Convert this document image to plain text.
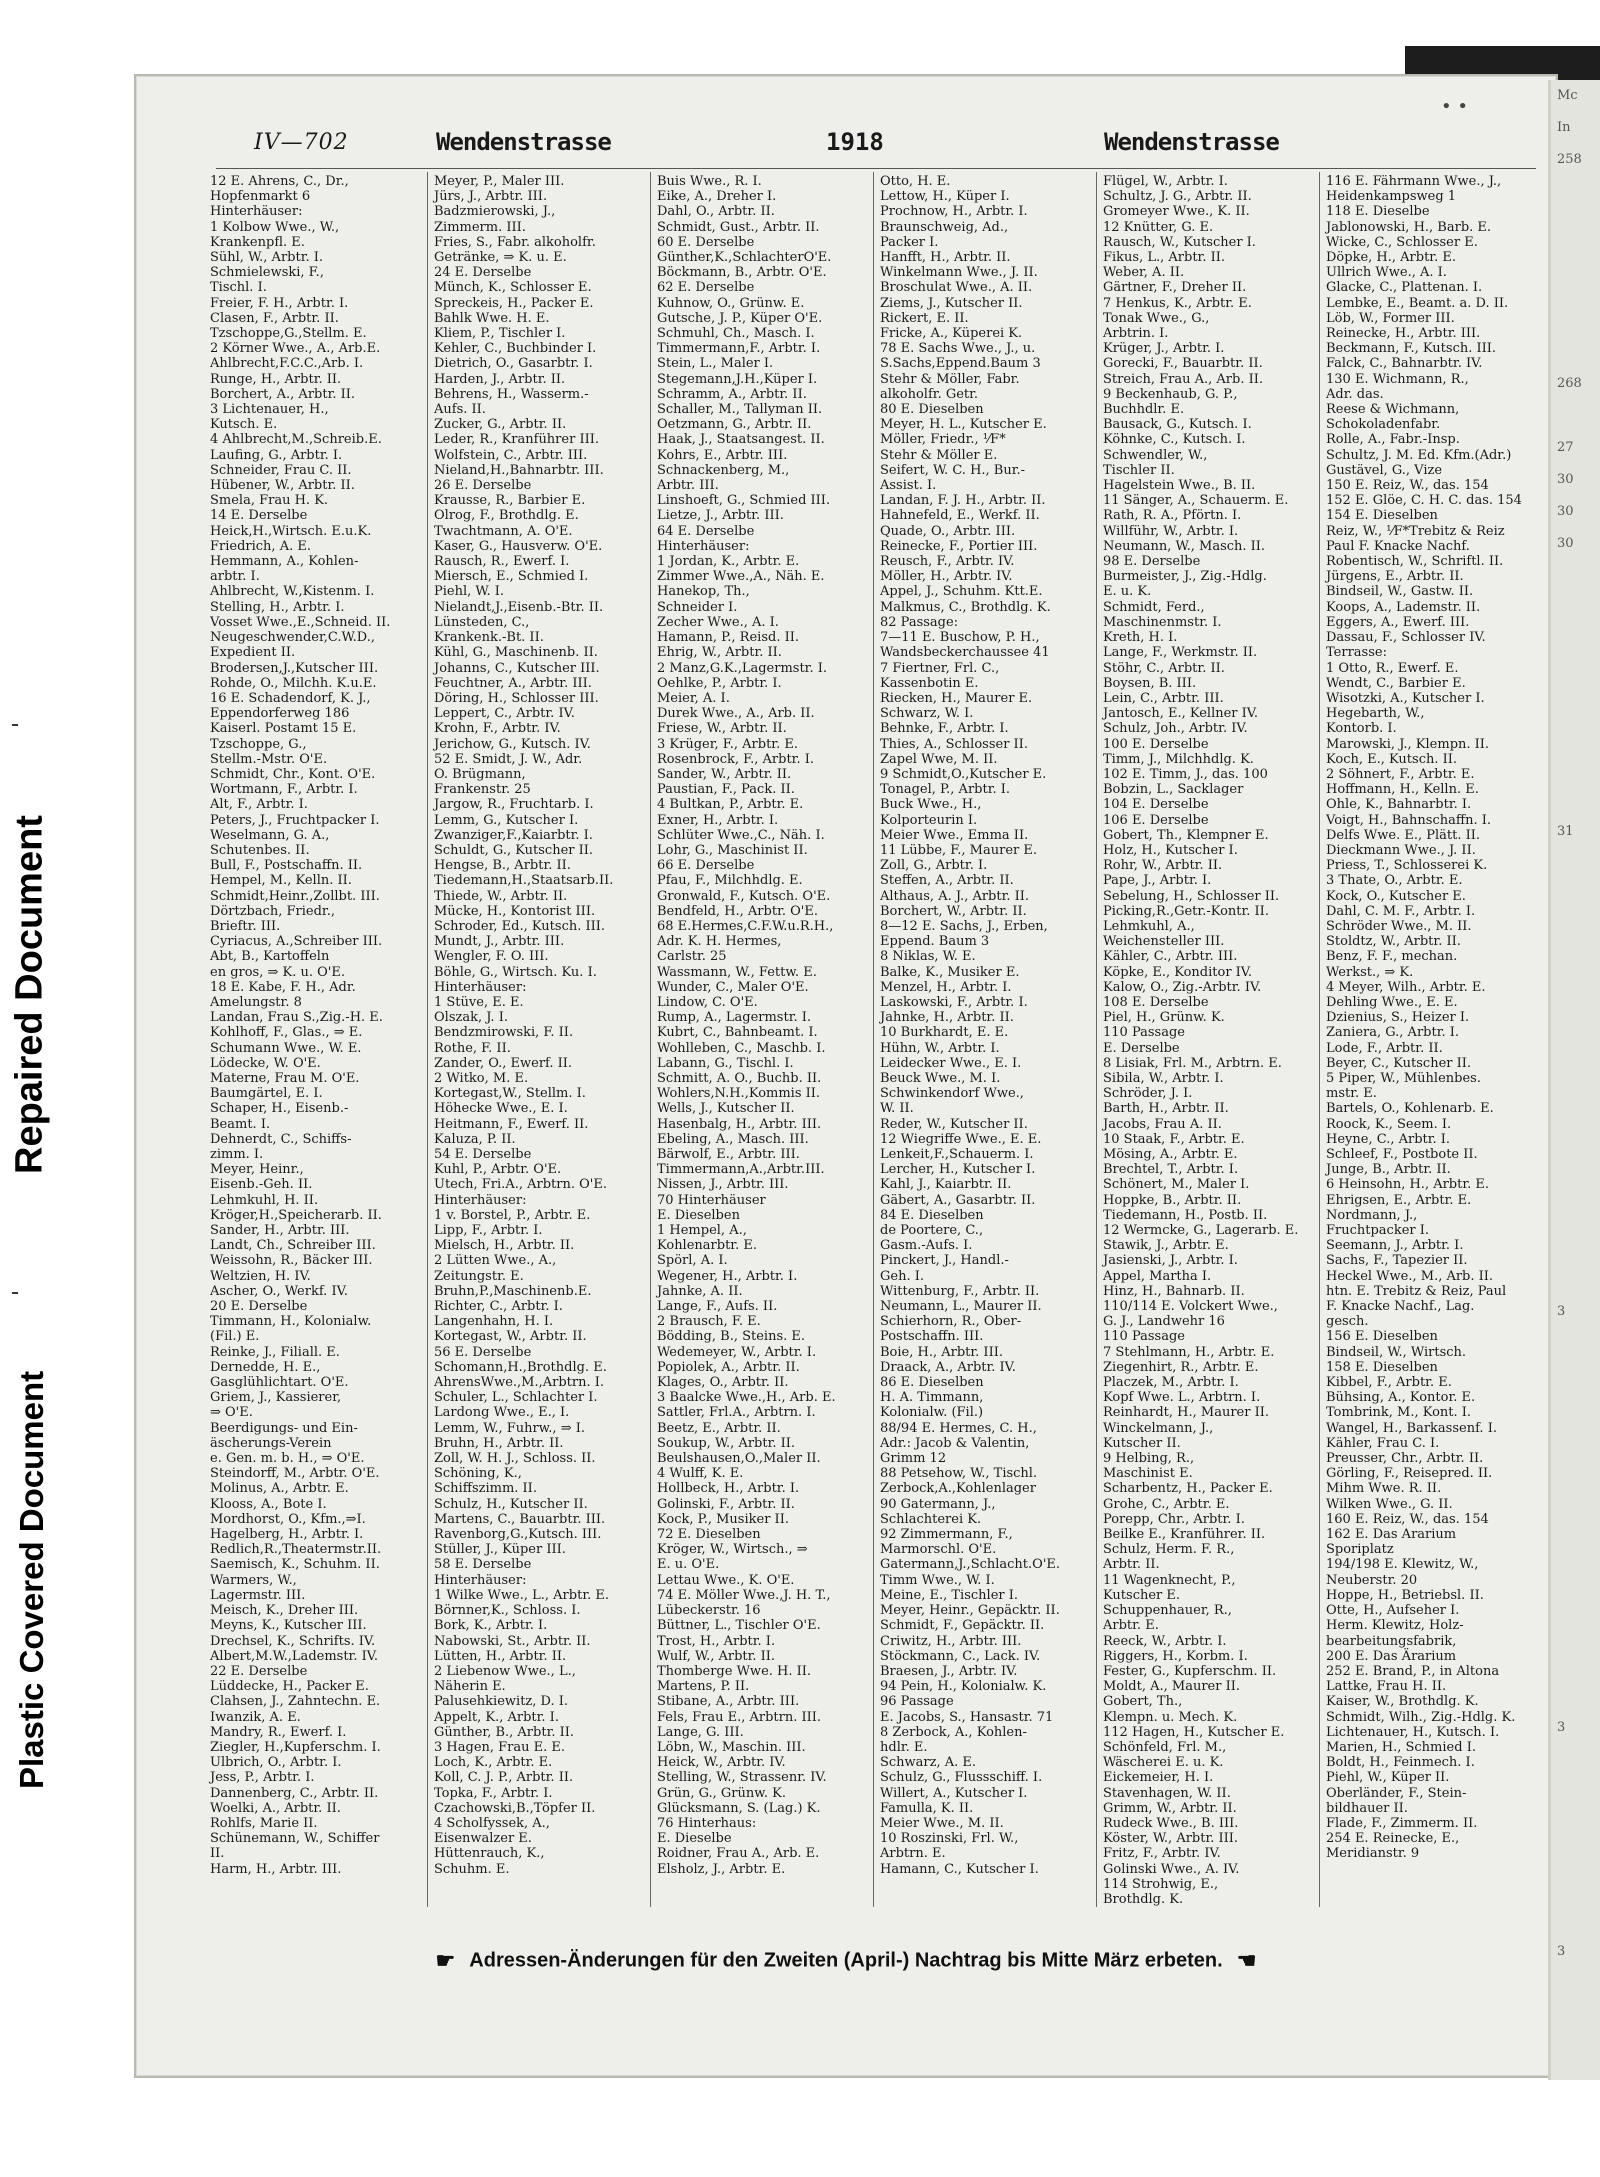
Repaired Document
Plastic Covered Document
• •
IV—702	Wendenstrasse	1918	Wendenstrasse
12 E. Ahrens, C., Dr.,
Hopfenmarkt 6
Hinterhäuser:
1 Kolbow Wwe., W.,
Krankenpfl. E.
Sühl, W., Arbtr. I.
Schmielewski, F.,
Tischl. I.
Freier, F. H., Arbtr. I.
Clasen, F., Arbtr. II.
Tzschoppe,G.,Stellm. E.
2 Körner Wwe., A., Arb.E.
Ahlbrecht,F.C.C.,Arb. I.
Runge, H., Arbtr. II.
Borchert, A., Arbtr. II.
3 Lichtenauer, H.,
Kutsch. E.
4 Ahlbrecht,M.,Schreib.E.
Laufing, G., Arbtr. I.
Schneider, Frau C. II.
Hübener, W., Arbtr. II.
Smela, Frau H. K.
14 E. Derselbe
Heick,H.,Wirtsch. E.u.K.
Friedrich, A. E.
Hemmann, A., Kohlen-
arbtr. I.
Ahlbrecht, W.,Kistenm. I.
Stelling, H., Arbtr. I.
Vosset Wwe.,E.,Schneid. II.
Neugeschwender,C.W.D.,
Expedient II.
Brodersen,J.,Kutscher III.
Rohde, O., Milchh. K.u.E.
16 E. Schadendorf, K. J.,
Eppendorferweg 186
Kaiserl. Postamt 15 E.
Tzschoppe, G.,
Stellm.-Mstr. O'E.
Schmidt, Chr., Kont. O'E.
Wortmann, F., Arbtr. I.
Alt, F., Arbtr. I.
Peters, J., Fruchtpacker I.
Weselmann, G. A.,
Schutenbes. II.
Bull, F., Postschaffn. II.
Hempel, M., Kelln. II.
Schmidt,Heinr.,Zollbt. III.
Dörtzbach, Friedr.,
Brieftr. III.
Cyriacus, A.,Schreiber III.
Abt, B., Kartoffeln
en gros, ⇒ K. u. O'E.
18 E. Kabe, F. H., Adr.
Amelungstr. 8
Landan, Frau S.,Zig.-H. E.
Kohlhoff, F., Glas., ⇒ E.
Schumann Wwe., W. E.
Lödecke, W. O'E.
Materne, Frau M. O'E.
Baumgärtel, E. I.
Schaper, H., Eisenb.-
Beamt. I.
Dehnerdt, C., Schiffs-
zimm. I.
Meyer, Heinr.,
Eisenb.-Geh. II.
Lehmkuhl, H. II.
Kröger,H.,Speicherarb. II.
Sander, H., Arbtr. III.
Landt, Ch., Schreiber III.
Weissohn, R., Bäcker III.
Weltzien, H. IV.
Ascher, O., Werkf. IV.
20 E. Derselbe
Timmann, H., Kolonialw.
(Fil.) E.
Reinke, J., Filiall. E.
Dernedde, H. E.,
Gasglühlichtart. O'E.
Griem, J., Kassierer,
⇒ O'E.
Beerdigungs- und Ein-
äscherungs-Verein
e. Gen. m. b. H., ⇒ O'E.
Steindorff, M., Arbtr. O'E.
Molinus, A., Arbtr. E.
Klooss, A., Bote I.
Mordhorst, O., Kfm.,⇒I.
Hagelberg, H., Arbtr. I.
Redlich,R.,Theatermstr.II.
Saemisch, K., Schuhm. II.
Warmers, W.,
Lagermstr. III.
Meisch, K., Dreher III.
Meyns, K., Kutscher III.
Drechsel, K., Schrifts. IV.
Albert,M.W.,Lademstr. IV.
22 E. Derselbe
Lüddecke, H., Packer E.
Clahsen, J., Zahntechn. E.
Iwanzik, A. E.
Mandry, R., Ewerf. I.
Ziegler, H.,Kupferschm. I.
Ulbrich, O., Arbtr. I.
Jess, P., Arbtr. I.
Dannenberg, C., Arbtr. II.
Woelki, A., Arbtr. II.
Rohlfs, Marie II.
Schünemann, W., Schiffer
II.
Harm, H., Arbtr. III.
Meyer, P., Maler III.
Jürs, J., Arbtr. III.
Badzmierowski, J.,
Zimmerm. III.
Fries, S., Fabr. alkoholfr.
Getränke, ⇒ K. u. E.
24 E. Derselbe
Münch, K., Schlosser E.
Spreckeis, H., Packer E.
Bahlk Wwe. H. E.
Kliem, P., Tischler I.
Kehler, C., Buchbinder I.
Dietrich, O., Gasarbtr. I.
Harden, J., Arbtr. II.
Behrens, H., Wasserm.-
Aufs. II.
Zucker, G., Arbtr. II.
Leder, R., Kranführer III.
Wolfstein, C., Arbtr. III.
Nieland,H.,Bahnarbtr. III.
26 E. Derselbe
Krausse, R., Barbier E.
Olrog, F., Brothdlg. E.
Twachtmann, A. O'E.
Kaser, G., Hausverw. O'E.
Rausch, R., Ewerf. I.
Miersch, E., Schmied I.
Piehl, W. I.
Nielandt,J.,Eisenb.-Btr. II.
Lünsteden, C.,
Krankenk.-Bt. II.
Kühl, G., Maschinenb. II.
Johanns, C., Kutscher III.
Feuchtner, A., Arbtr. III.
Döring, H., Schlosser III.
Leppert, C., Arbtr. IV.
Krohn, F., Arbtr. IV.
Jerichow, G., Kutsch. IV.
52 E. Smidt, J. W., Adr.
O. Brügmann,
Frankenstr. 25
Jargow, R., Fruchtarb. I.
Lemm, G., Kutscher I.
Zwanziger,F.,Kaiarbtr. I.
Schuldt, G., Kutscher II.
Hengse, B., Arbtr. II.
Tiedemann,H.,Staatsarb.II.
Thiede, W., Arbtr. II.
Mücke, H., Kontorist III.
Schroder, Ed., Kutsch. III.
Mundt, J., Arbtr. III.
Wengler, F. O. III.
Böhle, G., Wirtsch. Ku. I.
Hinterhäuser:
1 Stüve, E. E.
Olszak, J. I.
Bendzmirowski, F. II.
Rothe, F. II.
Zander, O., Ewerf. II.
2 Witko, M. E.
Kortegast,W., Stellm. I.
Höhecke Wwe., E. I.
Heitmann, F., Ewerf. II.
Kaluza, P. II.
54 E. Derselbe
Kuhl, P., Arbtr. O'E.
Utech, Fri.A., Arbtrn. O'E.
Hinterhäuser:
1 v. Borstel, P., Arbtr. E.
Lipp, F., Arbtr. I.
Mielsch, H., Arbtr. II.
2 Lütten Wwe., A.,
Zeitungstr. E.
Bruhn,P.,Maschinenb.E.
Richter, C., Arbtr. I.
Langenhahn, H. I.
Kortegast, W., Arbtr. II.
56 E. Derselbe
Schomann,H.,Brothdlg. E.
AhrensWwe.,M.,Arbtrn. I.
Schuler, L., Schlachter I.
Lardong Wwe., E., I.
Lemm, W., Fuhrw., ⇒ I.
Bruhn, H., Arbtr. II.
Zoll, W. H. J., Schloss. II.
Schöning, K.,
Schiffszimm. II.
Schulz, H., Kutscher II.
Martens, C., Bauarbtr. III.
Ravenborg,G.,Kutsch. III.
Stüller, J., Küper III.
58 E. Derselbe
Hinterhäuser:
1 Wilke Wwe., L., Arbtr. E.
Börnner,K., Schloss. I.
Bork, K., Arbtr. I.
Nabowski, St., Arbtr. II.
Lütten, H., Arbtr. II.
2 Liebenow Wwe., L.,
Näherin E.
Palusehkiewitz, D. I.
Appelt, K., Arbtr. I.
Günther, B., Arbtr. II.
3 Hagen, Frau E. E.
Loch, K., Arbtr. E.
Koll, C. J. P., Arbtr. II.
Topka, F., Arbtr. I.
Czachowski,B.,Töpfer II.
4 Scholfyssek, A.,
Eisenwalzer E.
Hüttenrauch, K.,
Schuhm. E.
Buis Wwe., R. I.
Eike, A., Dreher I.
Dahl, O., Arbtr. II.
Schmidt, Gust., Arbtr. II.
60 E. Derselbe
Günther,K.,SchlachterO'E.
Böckmann, B., Arbtr. O'E.
62 E. Derselbe
Kuhnow, O., Grünw. E.
Gutsche, J. P., Küper O'E.
Schmuhl, Ch., Masch. I.
Timmermann,F., Arbtr. I.
Stein, L., Maler I.
Stegemann,J.H.,Küper I.
Schramm, A., Arbtr. II.
Schaller, M., Tallyman II.
Oetzmann, G., Arbtr. II.
Haak, J., Staatsangest. II.
Kohrs, E., Arbtr. III.
Schnackenberg, M.,
Arbtr. III.
Linshoeft, G., Schmied III.
Lietze, J., Arbtr. III.
64 E. Derselbe
Hinterhäuser:
1 Jordan, K., Arbtr. E.
Zimmer Wwe.,A., Näh. E.
Hanekop, Th.,
Schneider I.
Zecher Wwe., A. I.
Hamann, P., Reisd. II.
Ehrig, W., Arbtr. II.
2 Manz,G.K.,Lagermstr. I.
Oehlke, P., Arbtr. I.
Meier, A. I.
Durek Wwe., A., Arb. II.
Friese, W., Arbtr. II.
3 Krüger, F., Arbtr. E.
Rosenbrock, F., Arbtr. I.
Sander, W., Arbtr. II.
Paustian, F., Pack. II.
4 Bultkan, P., Arbtr. E.
Exner, H., Arbtr. I.
Schlüter Wwe.,C., Näh. I.
Lohr, G., Maschinist II.
66 E. Derselbe
Pfau, F., Milchhdlg. E.
Gronwald, F., Kutsch. O'E.
Bendfeld, H., Arbtr. O'E.
68 E.Hermes,C.F.W.u.R.H.,
Adr. K. H. Hermes,
Carlstr. 25
Wassmann, W., Fettw. E.
Wunder, C., Maler O'E.
Lindow, C. O'E.
Rump, A., Lagermstr. I.
Kubrt, C., Bahnbeamt. I.
Wohlleben, C., Maschb. I.
Labann, G., Tischl. I.
Schmitt, A. O., Buchb. II.
Wohlers,N.H.,Kommis II.
Wells, J., Kutscher II.
Hasenbalg, H., Arbtr. III.
Ebeling, A., Masch. III.
Bärwolf, E., Arbtr. III.
Timmermann,A.,Arbtr.III.
Nissen, J., Arbtr. III.
70 Hinterhäuser
E. Dieselben
1 Hempel, A.,
Kohlenarbtr. E.
Spörl, A. I.
Wegener, H., Arbtr. I.
Jahnke, A. II.
Lange, F., Aufs. II.
2 Brausch, F. E.
Bödding, B., Steins. E.
Wedemeyer, W., Arbtr. I.
Popiolek, A., Arbtr. II.
Klages, O., Arbtr. II.
3 Baalcke Wwe.,H., Arb. E.
Sattler, Frl.A., Arbtrn. I.
Beetz, E., Arbtr. II.
Soukup, W., Arbtr. II.
Beulshausen,O.,Maler II.
4 Wulff, K. E.
Hollbeck, H., Arbtr. I.
Golinski, F., Arbtr. II.
Kock, P., Musiker II.
72 E. Dieselben
Kröger, W., Wirtsch., ⇒
E. u. O'E.
Lettau Wwe., K. O'E.
74 E. Möller Wwe.,J. H. T.,
Lübeckerstr. 16
Büttner, L., Tischler O'E.
Trost, H., Arbtr. I.
Wulf, W., Arbtr. II.
Thomberge Wwe. H. II.
Martens, P. II.
Stibane, A., Arbtr. III.
Fels, Frau E., Arbtrn. III.
Lange, G. III.
Löbn, W., Maschin. III.
Heick, W., Arbtr. IV.
Stelling, W., Strassenr. IV.
Grün, G., Grünw. K.
Glücksmann, S. (Lag.) K.
76 Hinterhaus:
E. Dieselbe
Roidner, Frau A., Arb. E.
Elsholz, J., Arbtr. E.
Otto, H. E.
Lettow, H., Küper I.
Prochnow, H., Arbtr. I.
Braunschweig, Ad.,
Packer I.
Hanfft, H., Arbtr. II.
Winkelmann Wwe., J. II.
Broschulat Wwe., A. II.
Ziems, J., Kutscher II.
Rickert, E. II.
Fricke, A., Küperei K.
78 E. Sachs Wwe., J., u.
S.Sachs,Eppend.Baum 3
Stehr & Möller, Fabr.
alkoholfr. Getr.
80 E. Dieselben
Meyer, H. L., Kutscher E.
Möller, Friedr., ⅟F*
Stehr & Möller E.
Seifert, W. C. H., Bur.-
Assist. I.
Landan, F. J. H., Arbtr. II.
Hahnefeld, E., Werkf. II.
Quade, O., Arbtr. III.
Reinecke, F., Portier III.
Reusch, F., Arbtr. IV.
Möller, H., Arbtr. IV.
Appel, J., Schuhm. Ktt.E.
Malkmus, C., Brothdlg. K.
82 Passage:
7—11 E. Buschow, P. H.,
Wandsbeckerchaussee 41
7 Fiertner, Frl. C.,
Kassenbotin E.
Riecken, H., Maurer E.
Schwarz, W. I.
Behnke, F., Arbtr. I.
Thies, A., Schlosser II.
Zapel Wwe, M. II.
9 Schmidt,O.,Kutscher E.
Tonagel, P., Arbtr. I.
Buck Wwe., H.,
Kolporteurin I.
Meier Wwe., Emma II.
11 Lübbe, F., Maurer E.
Zoll, G., Arbtr. I.
Steffen, A., Arbtr. II.
Althaus, A. J., Arbtr. II.
Borchert, W., Arbtr. II.
8—12 E. Sachs, J., Erben,
Eppend. Baum 3
8 Niklas, W. E.
Balke, K., Musiker E.
Menzel, H., Arbtr. I.
Laskowski, F., Arbtr. I.
Jahnke, H., Arbtr. II.
10 Burkhardt, E. E.
Hühn, W., Arbtr. I.
Leidecker Wwe., E. I.
Beuck Wwe., M. I.
Schwinkendorf Wwe.,
W. II.
Reder, W., Kutscher II.
12 Wiegriffe Wwe., E. E.
Lenkeit,F.,Schauerm. I.
Lercher, H., Kutscher I.
Kahl, J., Kaiarbtr. II.
Gäbert, A., Gasarbtr. II.
84 E. Dieselben
de Poortere, C.,
Gasm.-Aufs. I.
Pinckert, J., Handl.-
Geh. I.
Wittenburg, F., Arbtr. II.
Neumann, L., Maurer II.
Schierhorn, R., Ober-
Postschaffn. III.
Boie, H., Arbtr. III.
Draack, A., Arbtr. IV.
86 E. Dieselben
H. A. Timmann,
Kolonialw. (Fil.)
88/94 E. Hermes, C. H.,
Adr.: Jacob & Valentin,
Grimm 12
88 Petsehow, W., Tischl.
Zerbock,A.,Kohlenlager
90 Gatermann, J.,
Schlachterei K.
92 Zimmermann, F.,
Marmorschl. O'E.
Gatermann,J.,Schlacht.O'E.
Timm Wwe., W. I.
Meine, E., Tischler I.
Meyer, Heinr., Gepäcktr. II.
Schmidt, F., Gepäcktr. II.
Criwitz, H., Arbtr. III.
Stöckmann, C., Lack. IV.
Braesen, J., Arbtr. IV.
94 Pein, H., Kolonialw. K.
96 Passage
E. Jacobs, S., Hansastr. 71
8 Zerbock, A., Kohlen-
hdlr. E.
Schwarz, A. E.
Schulz, G., Flussschiff. I.
Willert, A., Kutscher I.
Famulla, K. II.
Meier Wwe., M. II.
10 Roszinski, Frl. W.,
Arbtrn. E.
Hamann, C., Kutscher I.
Flügel, W., Arbtr. I.
Schultz, J. G., Arbtr. II.
Gromeyer Wwe., K. II.
12 Knütter, G. E.
Rausch, W., Kutscher I.
Fikus, L., Arbtr. II.
Weber, A. II.
Gärtner, F., Dreher II.
7 Henkus, K., Arbtr. E.
Tonak Wwe., G.,
Arbtrin. I.
Krüger, J., Arbtr. I.
Gorecki, F., Bauarbtr. II.
Streich, Frau A., Arb. II.
9 Beckenhaub, G. P.,
Buchhdlr. E.
Bausack, G., Kutsch. I.
Köhnke, C., Kutsch. I.
Schwendler, W.,
Tischler II.
Hagelstein Wwe., B. II.
11 Sänger, A., Schauerm. E.
Rath, R. A., Pförtn. I.
Willführ, W., Arbtr. I.
Neumann, W., Masch. II.
98 E. Derselbe
Burmeister, J., Zig.-Hdlg.
E. u. K.
Schmidt, Ferd.,
Maschinenmstr. I.
Kreth, H. I.
Lange, F., Werkmstr. II.
Stöhr, C., Arbtr. II.
Boysen, B. III.
Lein, C., Arbtr. III.
Jantosch, E., Kellner IV.
Schulz, Joh., Arbtr. IV.
100 E. Derselbe
Timm, J., Milchhdlg. K.
102 E. Timm, J., das. 100
Bobzin, L., Sacklager
104 E. Derselbe
106 E. Derselbe
Gobert, Th., Klempner E.
Holz, H., Kutscher I.
Rohr, W., Arbtr. II.
Pape, J., Arbtr. I.
Sebelung, H., Schlosser II.
Picking,R.,Getr.-Kontr. II.
Lehmkuhl, A.,
Weichensteller III.
Kähler, C., Arbtr. III.
Köpke, E., Konditor IV.
Kalow, O., Zig.-Arbtr. IV.
108 E. Derselbe
Piel, H., Grünw. K.
110 Passage
E. Derselbe
8 Lisiak, Frl. M., Arbtrn. E.
Sibila, W., Arbtr. I.
Schröder, J. I.
Barth, H., Arbtr. II.
Jacobs, Frau A. II.
10 Staak, F., Arbtr. E.
Mösing, A., Arbtr. E.
Brechtel, T., Arbtr. I.
Schönert, M., Maler I.
Hoppke, B., Arbtr. II.
Tiedemann, H., Postb. II.
12 Wermcke, G., Lagerarb. E.
Stawik, J., Arbtr. E.
Jasienski, J., Arbtr. I.
Appel, Martha I.
Hinz, H., Bahnarb. II.
110/114 E. Volckert Wwe.,
G. J., Landwehr 16
110 Passage
7 Stehlmann, H., Arbtr. E.
Ziegenhirt, R., Arbtr. E.
Placzek, M., Arbtr. I.
Kopf Wwe. L., Arbtrn. I.
Reinhardt, H., Maurer II.
Winckelmann, J.,
Kutscher II.
9 Helbing, R.,
Maschinist E.
Scharbentz, H., Packer E.
Grohe, C., Arbtr. E.
Porepp, Chr., Arbtr. I.
Beilke E., Kranführer. II.
Schulz, Herm. F. R.,
Arbtr. II.
11 Wagenknecht, P.,
Kutscher E.
Schuppenhauer, R.,
Arbtr. E.
Reeck, W., Arbtr. I.
Riggers, H., Korbm. I.
Fester, G., Kupferschm. II.
Moldt, A., Maurer II.
Gobert, Th.,
Klempn. u. Mech. K.
112 Hagen, H., Kutscher E.
Schönfeld, Frl. M.,
Wäscherei E. u. K.
Eickemeier, H. I.
Stavenhagen, W. II.
Grimm, W., Arbtr. II.
Rudeck Wwe., B. III.
Köster, W., Arbtr. III.
Fritz, F., Arbtr. IV.
Golinski Wwe., A. IV.
114 Strohwig, E.,
Brothdlg. K.
116 E. Fährmann Wwe., J.,
Heidenkampsweg 1
118 E. Dieselbe
Jablonowski, H., Barb. E.
Wicke, C., Schlosser E.
Döpke, H., Arbtr. E.
Ullrich Wwe., A. I.
Glacke, C., Plattenan. I.
Lembke, E., Beamt. a. D. II.
Löb, W., Former III.
Reinecke, H., Arbtr. III.
Beckmann, F., Kutsch. III.
Falck, C., Bahnarbtr. IV.
130 E. Wichmann, R.,
Adr. das.
Reese & Wichmann,
Schokoladenfabr.
Rolle, A., Fabr.-Insp.
Schultz, J. M. Ed. Kfm.(Adr.)
Gustävel, G., Vize
150 E. Reiz, W., das. 154
152 E. Glöe, C. H. C. das. 154
154 E. Dieselben
Reiz, W., ⅟F*Trebitz & Reiz
Paul F. Knacke Nachf.
Robentisch, W., Schriftl. II.
Jürgens, E., Arbtr. II.
Bindseil, W., Gastw. II.
Koops, A., Lademstr. II.
Eggers, A., Ewerf. III.
Dassau, F., Schlosser IV.
Terrasse:
1 Otto, R., Ewerf. E.
Wendt, C., Barbier E.
Wisotzki, A., Kutscher I.
Hegebarth, W.,
Kontorb. I.
Marowski, J., Klempn. II.
Koch, E., Kutsch. II.
2 Söhnert, F., Arbtr. E.
Hoffmann, H., Kelln. E.
Ohle, K., Bahnarbtr. I.
Voigt, H., Bahnschaffn. I.
Delfs Wwe. E., Plätt. II.
Dieckmann Wwe., J. II.
Priess, T., Schlosserei K.
3 Thate, O., Arbtr. E.
Kock, O., Kutscher E.
Dahl, C. M. F., Arbtr. I.
Schröder Wwe., M. II.
Stoldtz, W., Arbtr. II.
Benz, F. F., mechan.
Werkst., ⇒ K.
4 Meyer, Wilh., Arbtr. E.
Dehling Wwe., E. E.
Dzienius, S., Heizer I.
Zaniera, G., Arbtr. I.
Lode, F., Arbtr. II.
Beyer, C., Kutscher II.
5 Piper, W., Mühlenbes.
mstr. E.
Bartels, O., Kohlenarb. E.
Roock, K., Seem. I.
Heyne, C., Arbtr. I.
Schleef, F., Postbote II.
Junge, B., Arbtr. II.
6 Heinsohn, H., Arbtr. E.
Ehrigsen, E., Arbtr. E.
Nordmann, J.,
Fruchtpacker I.
Seemann, J., Arbtr. I.
Sachs, F., Tapezier II.
Heckel Wwe., M., Arb. II.
htn. E. Trebitz & Reiz, Paul
F. Knacke Nachf., Lag.
gesch.
156 E. Dieselben
Bindseil, W., Wirtsch.
158 E. Dieselben
Kibbel, F., Arbtr. E.
Bühsing, A., Kontor. E.
Tombrink, M., Kont. I.
Wangel, H., Barkassenf. I.
Kähler, Frau C. I.
Preusser, Chr., Arbtr. II.
Görling, F., Reisepred. II.
Mihm Wwe. R. II.
Wilken Wwe., G. II.
160 E. Reiz, W., das. 154
162 E. Das Ararium
Sporiplatz
194/198 E. Klewitz, W.,
Neuberstr. 20
Hoppe, H., Betriebsl. II.
Otte, H., Aufseher I.
Herm. Klewitz, Holz-
bearbeitungsfabrik,
200 E. Das Ärarium
252 E. Brand, P., in Altona
Lattke, Frau H. II.
Kaiser, W., Brothdlg. K.
Schmidt, Wilh., Zig.-Hdlg. K.
Lichtenauer, H., Kutsch. I.
Marien, H., Schmied I.
Boldt, H., Feinmech. I.
Piehl, W., Küper II.
Oberländer, F., Stein-
bildhauer II.
Flade, F., Zimmerm. II.
254 E. Reinecke, E.,
Meridianstr. 9
☛ Adressen-Änderungen für den Zweiten (April-) Nachtrag bis Mitte März erbeten. ☚
Mc
In
258
268
27
30
30
30
31
3
3
3
